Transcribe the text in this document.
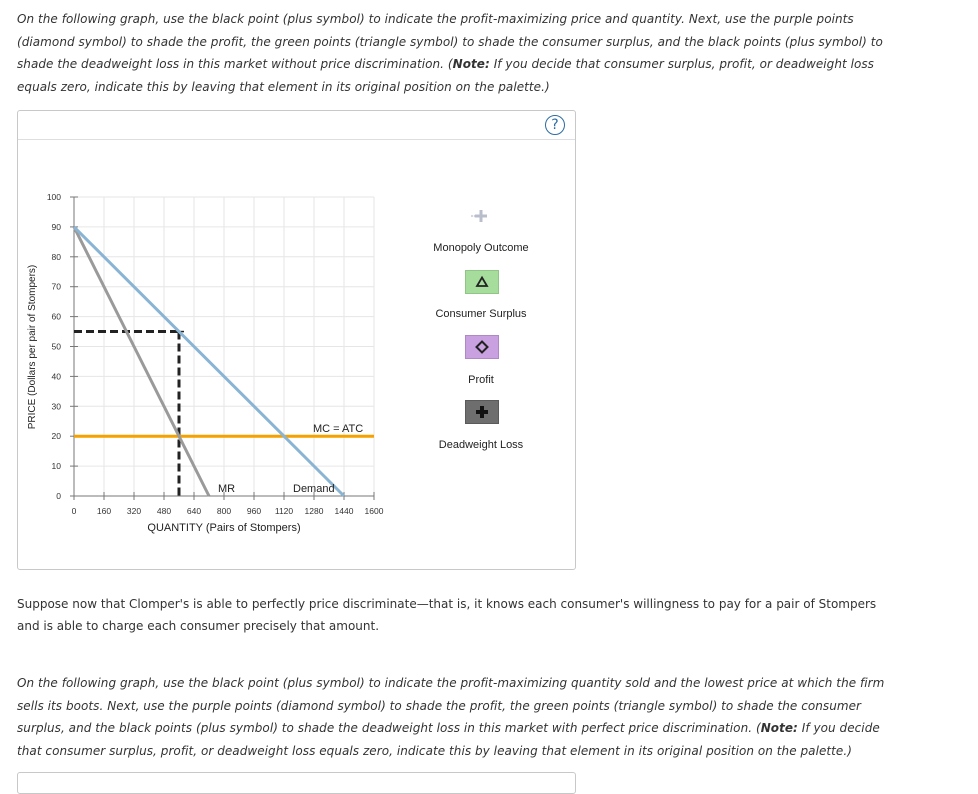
On the following graph, use the black point (plus symbol) to indicate the profit-maximizing price and quantity. Next, use the purple points (diamond symbol) to shade the profit, the green points (triangle symbol) to shade the consumer surplus, and the black points (plus symbol) to shade the deadweight loss in this market without price discrimination. (Note: If you decide that consumer surplus, profit, or deadweight loss equals zero, indicate this by leaving that element in its original position on the palette.)
?
0
10
20
30
40
50
60
70
80
90
100
0 160 320 480 640 800 960 1120 1280 1440 1600
QUANTITY (Pairs of Stompers)
PRICE (Dollars per pair of Stompers)	MC = ATC
MR	Demand
Monopoly Outcome
Consumer Surplus
Profit
Deadweight Loss
Suppose now that Clomper's is able to perfectly price discriminate—that is, it knows each consumer's willingness to pay for a pair of Stompers and is able to charge each consumer precisely that amount.
On the following graph, use the black point (plus symbol) to indicate the profit-maximizing quantity sold and the lowest price at which the firm sells its boots. Next, use the purple points (diamond symbol) to shade the profit, the green points (triangle symbol) to shade the consumer surplus, and the black points (plus symbol) to shade the deadweight loss in this market with perfect price discrimination. (Note: If you decide that consumer surplus, profit, or deadweight loss equals zero, indicate this by leaving that element in its original position on the palette.)
